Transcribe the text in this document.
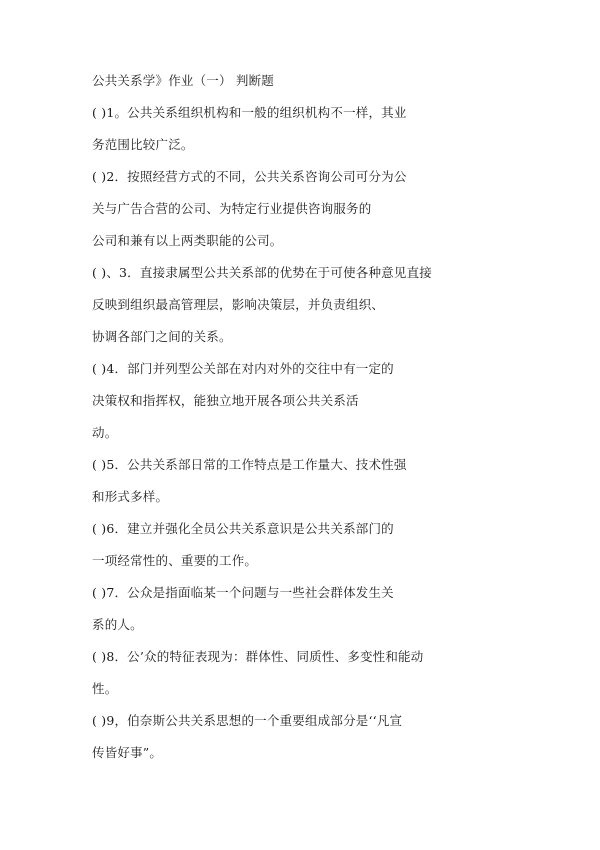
公共关系学》作业（一） 判断题
( )1。公共关系组织机构和一般的组织机构不一样，其业
务范围比较广泛。
( )2．按照经营方式的不同，公共关系咨询公司可分为公
关与广告合营的公司、为特定行业提供咨询服务的
公司和兼有以上两类职能的公司。
( )、3．直接隶属型公共关系部的优势在于可使各种意见直接
反映到组织最高管理层，影响决策层，并负责组织、
协调各部门之间的关系。
( )4．部门并列型公关部在对内对外的交往中有一定的
决策权和指挥权，能独立地开展各项公共关系活
动。
( )5．公共关系部日常的工作特点是工作量大、技术性强
和形式多样。
( )6．建立并强化全员公共关系意识是公共关系部门的
一项经常性的、重要的工作。
( )7．公众是指面临某一个问题与一些社会群体发生关
系的人。
( )8．公’众的特征表现为：群体性、同质性、多变性和能动
性。
( )9，伯奈斯公共关系思想的一个重要组成部分是‘‘凡宣
传皆好事”。
